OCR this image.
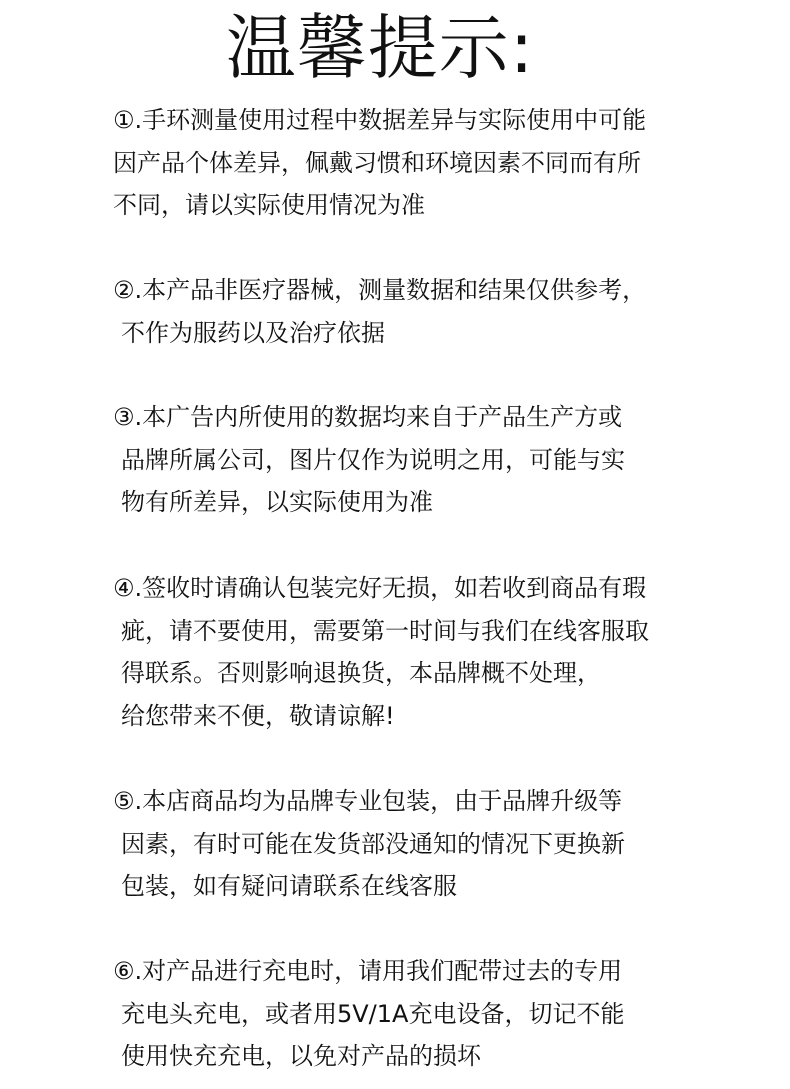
温馨提示:
①.手环测量使用过程中数据差异与实际使用中可能
因产品个体差异，佩戴习惯和环境因素不同而有所
不同，请以实际使用情况为准
②.本产品非医疗器械，测量数据和结果仅供参考，
不作为服药以及治疗依据
③.本广告内所使用的数据均来自于产品生产方或
品牌所属公司，图片仅作为说明之用，可能与实
物有所差异，以实际使用为准
④.签收时请确认包装完好无损，如若收到商品有瑕
疵，请不要使用，需要第一时间与我们在线客服取
得联系。否则影响退换货，本品牌概不处理，
给您带来不便，敬请谅解!
⑤.本店商品均为品牌专业包装，由于品牌升级等
因素，有时可能在发货部没通知的情况下更换新
包装，如有疑问请联系在线客服
⑥.对产品进行充电时，请用我们配带过去的专用
充电头充电，或者用5V/1A充电设备，切记不能
使用快充充电，以免对产品的损坏
